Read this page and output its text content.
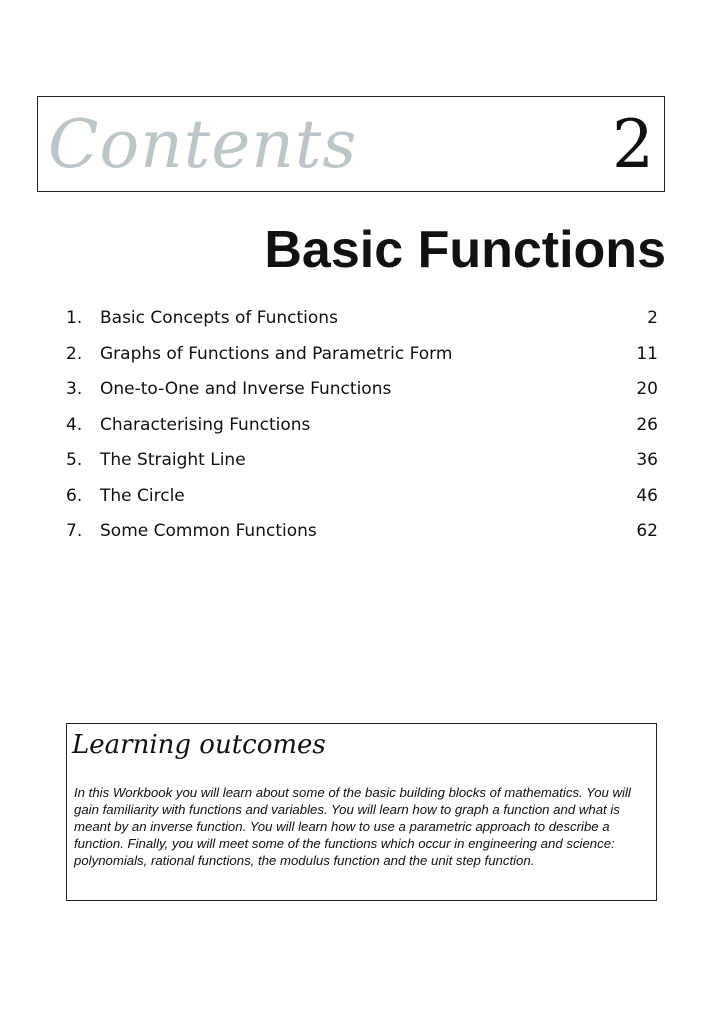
Contents	2
Basic Functions
1. Basic Concepts of Functions	2
2. Graphs of Functions and Parametric Form	11
3. One-to-One and Inverse Functions	20
4. Characterising Functions	26
5. The Straight Line	36
6. The Circle	46
7. Some Common Functions	62
Learning outcomes

In this Workbook you will learn about some of the basic building blocks of mathematics. You will gain familiarity with functions and variables. You will learn how to graph a function and what is meant by an inverse function. You will learn how to use a parametric approach to describe a function. Finally, you will meet some of the functions which occur in engineering and science: polynomials, rational functions, the modulus function and the unit step function.
